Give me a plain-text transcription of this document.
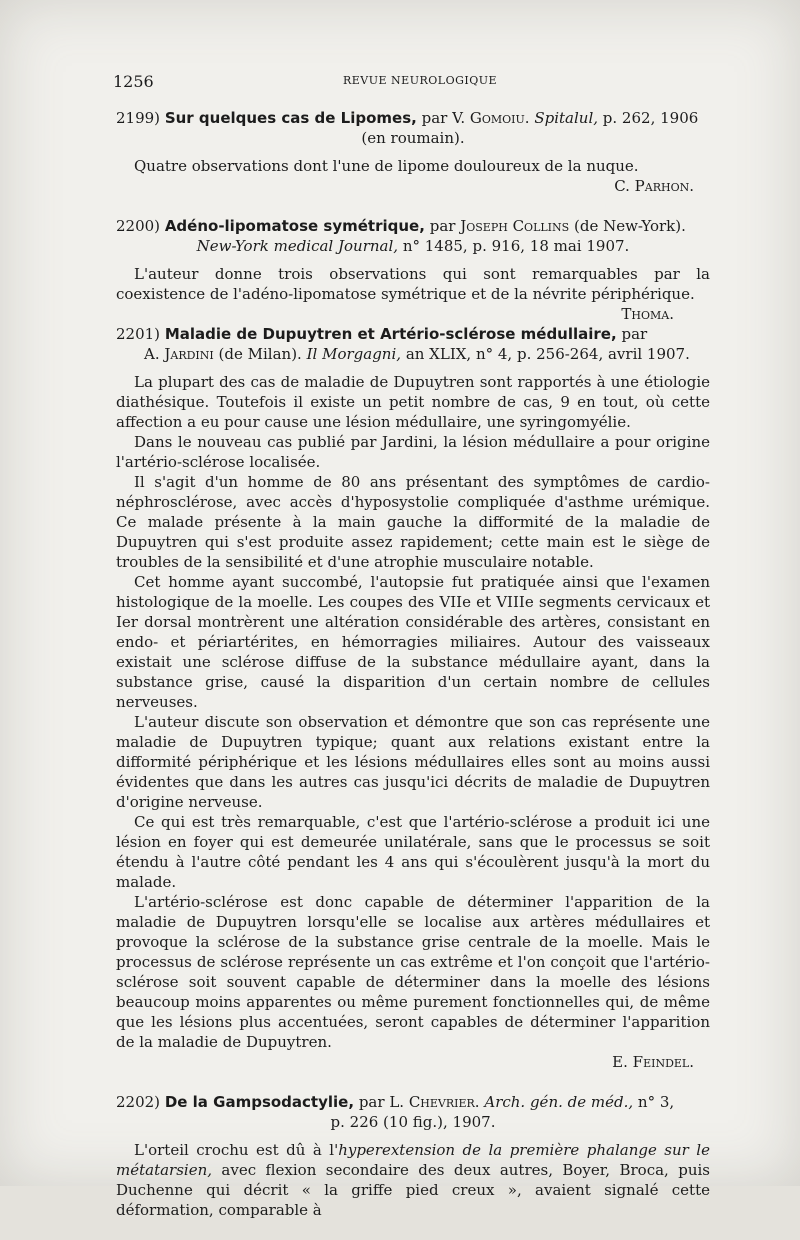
1256	REVUE NEUROLOGIQUE
2199) Sur quelques cas de Lipomes, par V. Gomoiu. Spitalul, p. 262, 1906
(en roumain).

Quatre observations dont l'une de lipome douloureux de la nuque.

C. Parhon.
2200) Adéno-lipomatose symétrique, par Joseph Collins (de New-York).
New-York medical Journal, n° 1485, p. 916, 18 mai 1907.

L'auteur donne trois observations qui sont remarquables par la coexistence de l'adéno-lipomatose symétrique et de la névrite périphérique.
Thoma.

2201) Maladie de Dupuytren et Artério-sclérose médullaire, par
A. Jardini (de Milan). Il Morgagni, an XLIX, n° 4, p. 256-264, avril 1907.

La plupart des cas de maladie de Dupuytren sont rapportés à une étiologie diathésique. Toutefois il existe un petit nombre de cas, 9 en tout, où cette affection a eu pour cause une lésion médullaire, une syringomyélie.

Dans le nouveau cas publié par Jardini, la lésion médullaire a pour origine l'artério-sclérose localisée.

Il s'agit d'un homme de 80 ans présentant des symptômes de cardio-néphrosclérose, avec accès d'hyposystolie compliquée d'asthme urémique. Ce malade présente à la main gauche la difformité de la maladie de Dupuytren qui s'est produite assez rapidement; cette main est le siège de troubles de la sensibilité et d'une atrophie musculaire notable.

Cet homme ayant succombé, l'autopsie fut pratiquée ainsi que l'examen histologique de la moelle. Les coupes des VIIe et VIIIe segments cervicaux et Ier dorsal montrèrent une altération considérable des artères, consistant en endo- et périartérites, en hémorragies miliaires. Autour des vaisseaux existait une sclérose diffuse de la substance médullaire ayant, dans la substance grise, causé la disparition d'un certain nombre de cellules nerveuses.

L'auteur discute son observation et démontre que son cas représente une maladie de Dupuytren typique; quant aux relations existant entre la difformité périphérique et les lésions médullaires elles sont au moins aussi évidentes que dans les autres cas jusqu'ici décrits de maladie de Dupuytren d'origine nerveuse.

Ce qui est très remarquable, c'est que l'artério-sclérose a produit ici une lésion en foyer qui est demeurée unilatérale, sans que le processus se soit étendu à l'autre côté pendant les 4 ans qui s'écoulèrent jusqu'à la mort du malade.

L'artério-sclérose est donc capable de déterminer l'apparition de la maladie de Dupuytren lorsqu'elle se localise aux artères médullaires et provoque la sclérose de la substance grise centrale de la moelle. Mais le processus de sclérose représente un cas extrême et l'on conçoit que l'artério-sclérose soit souvent capable de déterminer dans la moelle des lésions beaucoup moins apparentes ou même purement fonctionnelles qui, de même que les lésions plus accentuées, seront capables de déterminer l'apparition de la maladie de Dupuytren.

E. Feindel.
2202) De la Gampsodactylie, par L. Chevrier. Arch. gén. de méd., n° 3,
p. 226 (10 fig.), 1907.

L'orteil crochu est dû à l'hyperextension de la première phalange sur le métatarsien, avec flexion secondaire des deux autres, Boyer, Broca, puis Duchenne qui décrit « la griffe pied creux », avaient signalé cette déformation, comparable à
